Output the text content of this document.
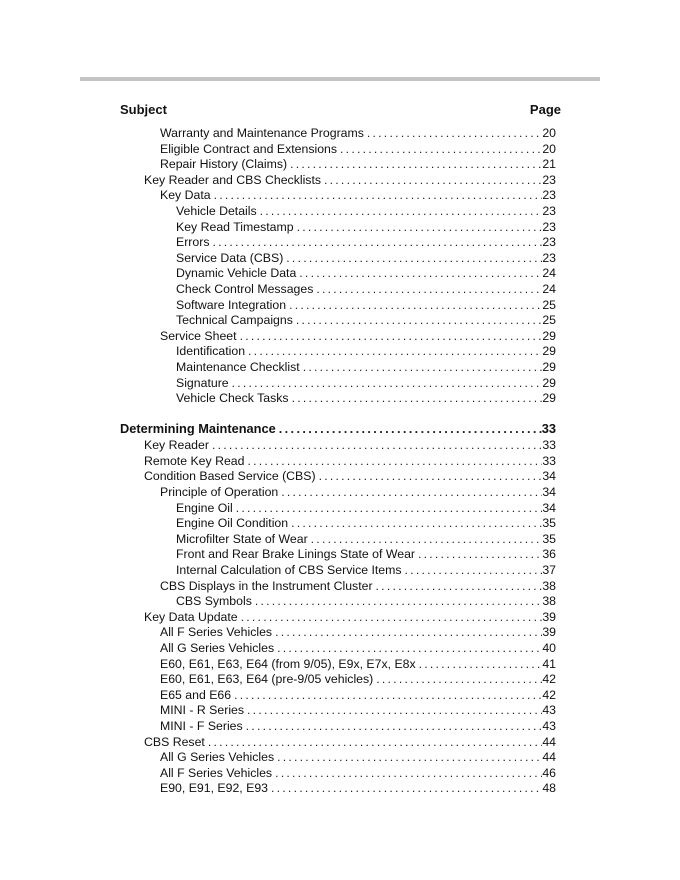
Subject	Page
Warranty and Maintenance Programs . . .	20
Eligible Contract and Extensions . . .	20
Repair History (Claims) . . .	21
Key Reader and CBS Checklists . . .	23
Key Data . . .	23
Vehicle Details . . .	23
Key Read Timestamp . . .	23
Errors . . .	23
Service Data (CBS) . . .	23
Dynamic Vehicle Data . . .	24
Check Control Messages . . .	24
Software Integration . . .	25
Technical Campaigns . . .	25
Service Sheet . . .	29
Identification . . .	29
Maintenance Checklist . . .	29
Signature . . .	29
Vehicle Check Tasks . . .	29
Determining Maintenance . . .	33
Key Reader . . .	33
Remote Key Read . . .	33
Condition Based Service (CBS) . . .	34
Principle of Operation . . .	34
Engine Oil . . .	34
Engine Oil Condition . . .	35
Microfilter State of Wear . . .	35
Front and Rear Brake Linings State of Wear . . .	36
Internal Calculation of CBS Service Items . . .	37
CBS Displays in the Instrument Cluster . . .	38
CBS Symbols . . .	38
Key Data Update . . .	39
All F Series Vehicles . . .	39
All G Series Vehicles . . .	40
E60, E61, E63, E64 (from 9/05), E9x, E7x, E8x . . .	41
E60, E61, E63, E64 (pre-9/05 vehicles) . . .	42
E65 and E66 . . .	42
MINI - R Series . . .	43
MINI - F Series . . .	43
CBS Reset . . .	44
All G Series Vehicles . . .	44
All F Series Vehicles . . .	46
E90, E91, E92, E93 . . .	48
